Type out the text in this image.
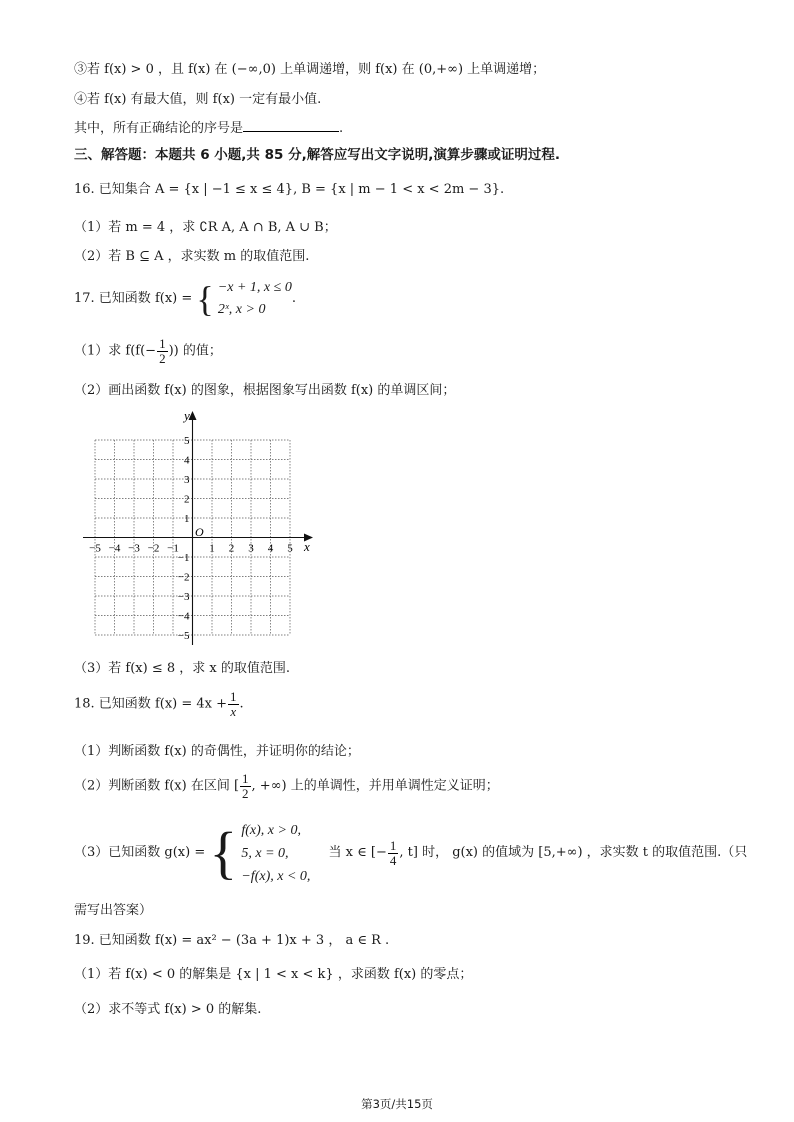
③若 f(x) > 0 ，且 f(x) 在 (−∞,0) 上单调递增，则 f(x) 在 (0,+∞) 上单调递增；
④若 f(x) 有最大值，则 f(x) 一定有最小值.
其中，所有正确结论的序号是	.
三、解答题：本题共 6 小题,共 85 分,解答应写出文字说明,演算步骤或证明过程.
16. 已知集合 A = {x | −1 ≤ x ≤ 4}, B = {x | m − 1 < x < 2m − 3}.
（1）若 m = 4 ，求 ∁R A, A ∩ B, A ∪ B；
（2）若 B ⊆ A ，求实数 m 的取值范围.
17. 已知函数 f(x) = { −x + 1, x ≤ 0
2ˣ, x > 0
.
（1）求 $f(f(- \frac{1}{2}$ )) 的值；
（2）画出函数 f(x) 的图象，根据图象写出函数 f(x) 的单调区间；
x
y
O
−5 −4 −3 −2 −1	1 2 3 4 5
5
4
3
2
1
−1
−2
−3
−4
−5
（3）若 f(x) ≤ 8 ，求 x 的取值范围.
18. 已知函数 $f(x) = 4x + \frac{1}{x}$ .
（1）判断函数 f(x) 的奇偶性，并证明你的结论；
（2）判断函数 f(x) 在区间 [ $\frac{1}{2}$ , +∞) 上的单调性，并用单调性定义证明；
（3）已知函数 g(x) = { f(x), x > 0,
5, x = 0,
−f(x), x < 0,
当 x ∈ [− $\frac{1}{4}$ , t] 时， g(x) 的值域为 [5,+∞) ，求实数 t 的取值范围.（只
需写出答案）
19. 已知函数 f(x) = ax² − (3a + 1)x + 3 ， a ∈ R .
（1）若 f(x) < 0 的解集是 {x | 1 < x < k} ，求函数 f(x) 的零点；
（2）求不等式 f(x) > 0 的解集.
第3页/共15页
